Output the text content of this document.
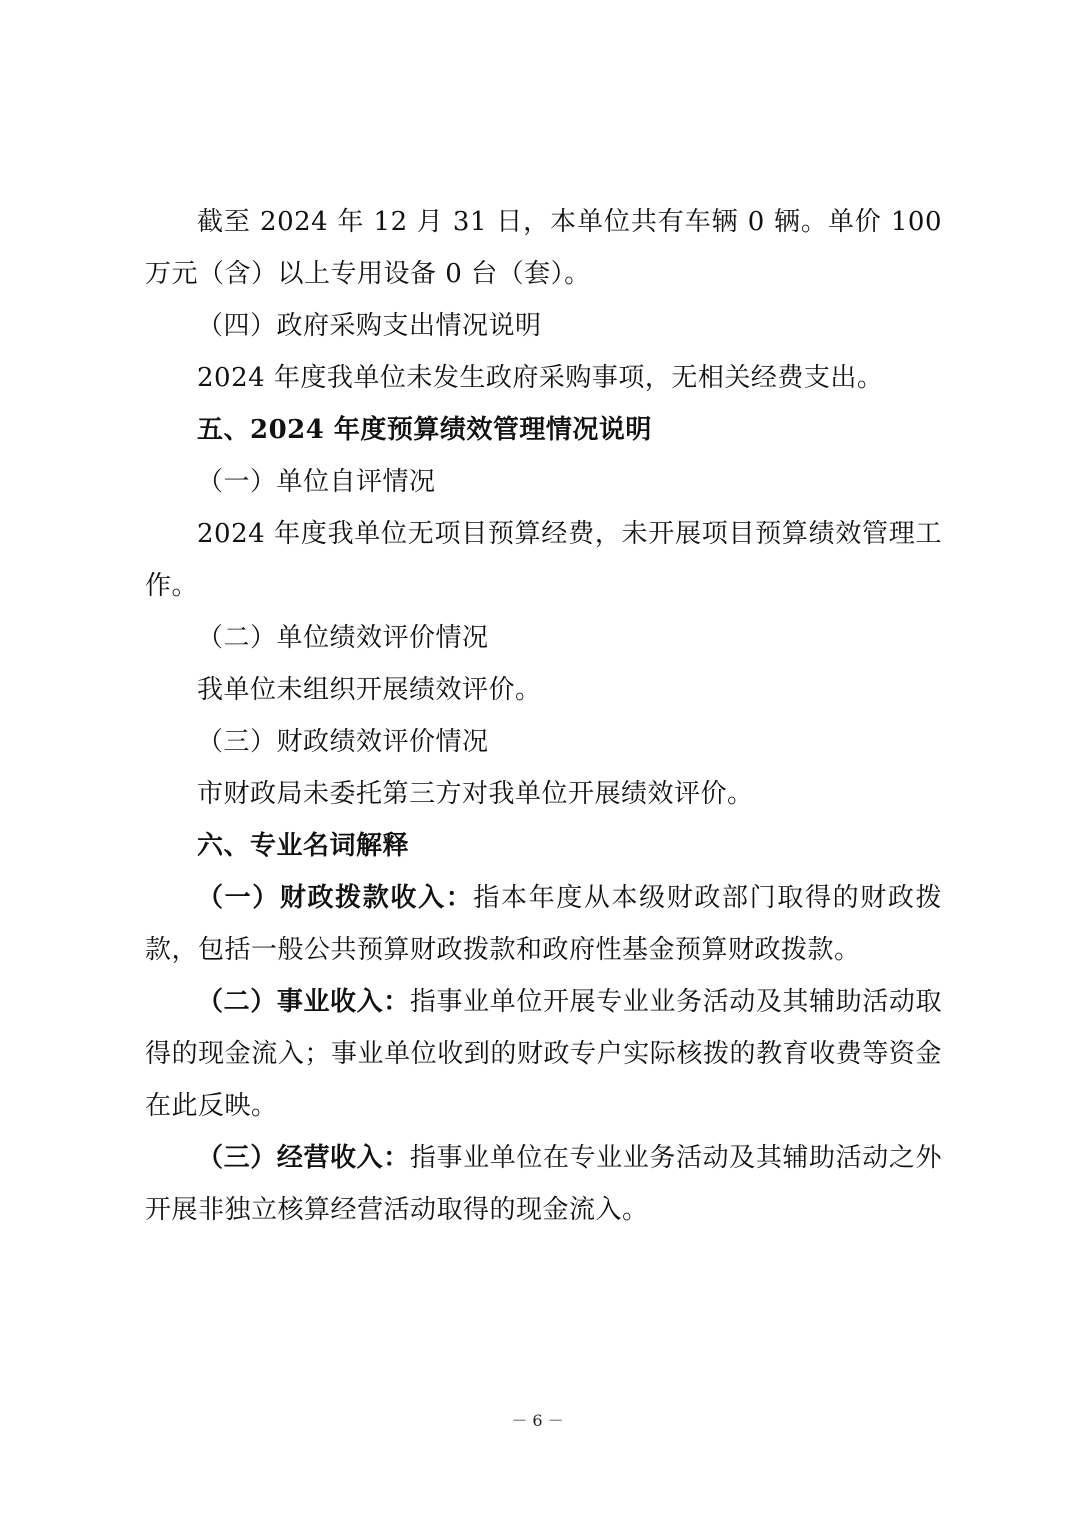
截至 2024 年 12 月 31 日，本单位共有车辆 0 辆。单价 100 万元（含）以上专用设备 0 台（套）。

（四）政府采购支出情况说明

2024 年度我单位未发生政府采购事项，无相关经费支出。

五、2024 年度预算绩效管理情况说明

（一）单位自评情况

2024 年度我单位无项目预算经费，未开展项目预算绩效管理工作。

（二）单位绩效评价情况

我单位未组织开展绩效评价。

（三）财政绩效评价情况

市财政局未委托第三方对我单位开展绩效评价。

六、专业名词解释

（一）财政拨款收入：指本年度从本级财政部门取得的财政拨款，包括一般公共预算财政拨款和政府性基金预算财政拨款。

（二）事业收入：指事业单位开展专业业务活动及其辅助活动取得的现金流入；事业单位收到的财政专户实际核拨的教育收费等资金在此反映。

（三）经营收入：指事业单位在专业业务活动及其辅助活动之外开展非独立核算经营活动取得的现金流入。

－ 6 －
